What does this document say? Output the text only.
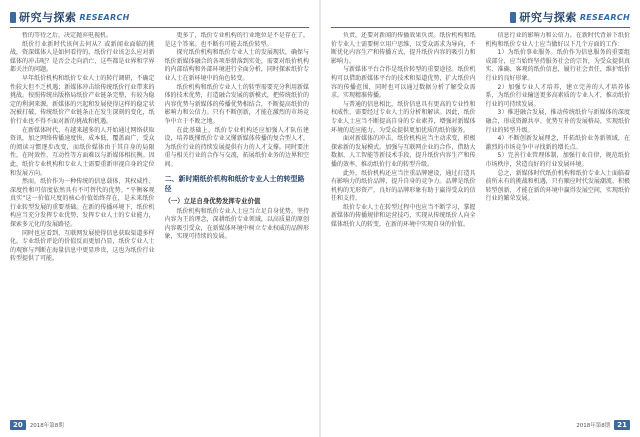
研究与探索 RESEARCH

暂的等待之后，决定抛弃电视机。

纸价行业新时代该何去何从？或新闻业面临的挑战，资深媒体人是如何看待的，纸价行业该怎么应对新媒体的冲击呢？是否会走向消亡，这些都是业界和学界都关注的问题。

早年纸价机构和纸价专业人士的转行调研，不确定性较大但不乏机遇；新媒体冲击给传统纸价行业带来的挑战。按照传统出版格局纸价产业链条完整，有较为稳定的利润来源。新媒体的兴起和发展使得这样的稳定状况被打破，传统纸价产业链条正在发生深刻的变化，纸价行业也不得不面对新的挑战和机遇。

在新媒体时代，有越来越多的人开始通过网络获取资讯，加之网络传播速度快、成本低、覆盖面广，受众的阅读习惯逐步改变，而纸价媒体由于其自身的局限性，在时效性、互动性等方面难以与新媒体相抗衡。因此，纸价专业机构和专业人士需要重新审视自身的定位和发展方向。

然而，纸价作为一种传统的信息载体，其权威性、深度性和可信度依然具有不可替代的优势。“平衡客观真实”这一价值尺度的核心价值始终存在，是未来纸价行业转型发展的重要基础。在新的传播环境下，纸价机构应当充分发挥专业优势，发挥专业人士的专业能力，探索多元化的发展路径。

同时也应看到，互联网发展使得信息获取渠道多样化，专业纸价评论的价值反而更加凸显，纸价专业人士的观察与判断在海量信息中更显珍贵，这也为纸价行业转型提供了可能。

更多了，纸价专业机构的行业地位是不是存在了，是这个答案。也不断有可能去纸价转型。

探究纸价机构和纸价专业人士的发展现状，确保与纸价新媒体融合的各项举措落到实处，需要对纸价机构的内部结构和外部环境进行全面分析，同时探索纸价专业人士在新环境中的角色转变。

纸价机构和纸价专业人士的转型需要充分利用新媒体的技术优势，打造融合发展的新模式，把传统纸价的内容优势与新媒体的传播优势相结合，不断提高纸价的影响力和公信力。只有不断创新，才能在激烈的市场竞争中立于不败之地。

在此基础上，纸价专业机构还应加强人才队伍建设，培养既懂纸价专业又懂新媒体传播的复合型人才，为纸价行业的持续发展提供有力的人才支撑。同时要注重与相关行业的合作与交流，拓展纸价业务的边界和空间。

二、新时期纸价机构和纸价专业人士的转型路径
（一）立足自身优势发挥专业价值

纸价机构和纸价专业人士应当立足自身优势，坚持内容为王的理念，深耕纸价专业领域，以高质量的原创内容吸引受众，在新媒体环境中树立专业权威的品牌形象，实现可持续的发展。

20	2018年第8期
研究与探索 RESEARCH

负责，还要对新闻的传播效果负责。纸价机构和纸价专业人士需要树立用户思维，以受众需求为导向，不断优化内容生产和传播方式，提升纸价内容的吸引力和影响力。

与新媒体平台合作是纸价转型的重要途径。纸价机构可以借助新媒体平台的技术和渠道优势，扩大纸价内容的传播范围，同时也可以通过数据分析了解受众需求，实现精准传播。

与普通的信息相比，纸价信息具有更高的专业性和权威性，需要经过专业人士的分析和解读。因此，纸价专业人士应当不断提高自身的专业素养，增强对新媒体环境的适应能力，为受众提供更加优质的纸价服务。

面对新媒体的冲击，纸价机构应当主动求变，积极探索新的发展模式。加强与互联网企业的合作，借助大数据、人工智能等新技术手段，提升纸价内容生产和传播的效率，推动纸价行业的转型升级。

此外，纸价机构还应当注重品牌建设，通过打造具有影响力的纸价品牌，提升自身的竞争力。品牌是纸价机构的无形资产，良好的品牌形象有助于赢得受众的信任和支持。

纸价专业人士在转型过程中也应当不断学习，掌握新媒体的传播规律和运营技巧，实现从传统纸价人向全媒体纸价人的转变，在新的环境中实现自身的价值。

信息行业的影响力和公信力。在新时代背景下纸价机构和纸价专业人士应当做好以下几个方面的工作：

1）为纸价事业服务。纸价作为信息服务的重要组成部分，应当始终坚持服务社会的宗旨，为受众提供真实、准确、客观的纸价信息，履行社会责任，维护纸价行业的良好形象。

2）加强专业人才培养，建立完善的人才培养体系，为纸价行业输送更多高素质的专业人才，推动纸价行业的可持续发展。

3）推进融合发展，推动传统纸价与新媒体的深度融合，形成资源共享、优势互补的发展格局，实现纸价行业的转型升级。

4）不断创新发展理念，开拓纸价业务新领域，在激烈的市场竞争中寻找新的增长点。

5）完善行业管理体制，加强行业自律，规范纸价市场秩序，营造良好的行业发展环境。

总之，新媒体时代纸价机构和纸价专业人士面临着前所未有的挑战和机遇，只有顺应时代发展潮流，积极转型创新，才能在新的环境中赢得发展空间，实现纸价行业的繁荣发展。

21
2018年第8期
